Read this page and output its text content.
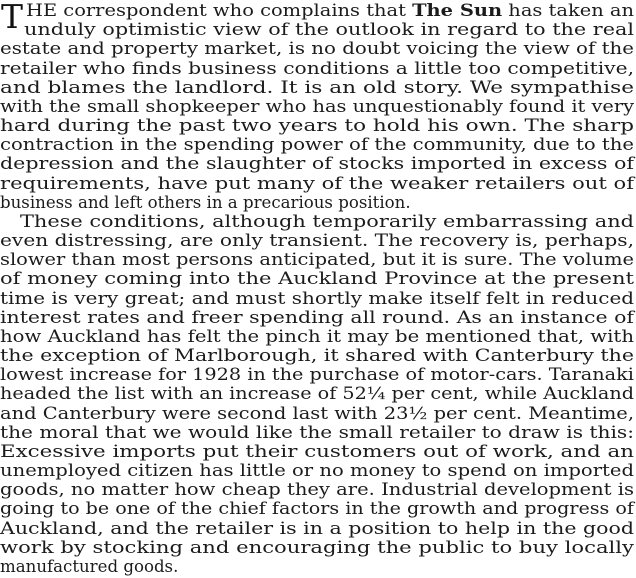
T HE correspondent who complains that The Sun has taken an
unduly optimistic view of the outlook in regard to the real
estate and property market, is no doubt voicing the view of the
retailer who finds business conditions a little too competitive,
and blames the landlord. It is an old story. We sympathise
with the small shopkeeper who has unquestionably found it very
hard during the past two years to hold his own. The sharp
contraction in the spending power of the community, due to the
depression and the slaughter of stocks imported in excess of
requirements, have put many of the weaker retailers out of
business and left others in a precarious position.
These conditions, although temporarily embarrassing and
even distressing, are only transient. The recovery is, perhaps,
slower than most persons anticipated, but it is sure. The volume
of money coming into the Auckland Province at the present
time is very great; and must shortly make itself felt in reduced
interest rates and freer spending all round. As an instance of
how Auckland has felt the pinch it may be mentioned that, with
the exception of Marlborough, it shared with Canterbury the
lowest increase for 1928 in the purchase of motor-cars. Taranaki
headed the list with an increase of 52¼ per cent, while Auckland
and Canterbury were second last with 23½ per cent. Meantime,
the moral that we would like the small retailer to draw is this:
Excessive imports put their customers out of work, and an
unemployed citizen has little or no money to spend on imported
goods, no matter how cheap they are. Industrial development is
going to be one of the chief factors in the growth and progress of
Auckland, and the retailer is in a position to help in the good
work by stocking and encouraging the public to buy locally
manufactured goods.
